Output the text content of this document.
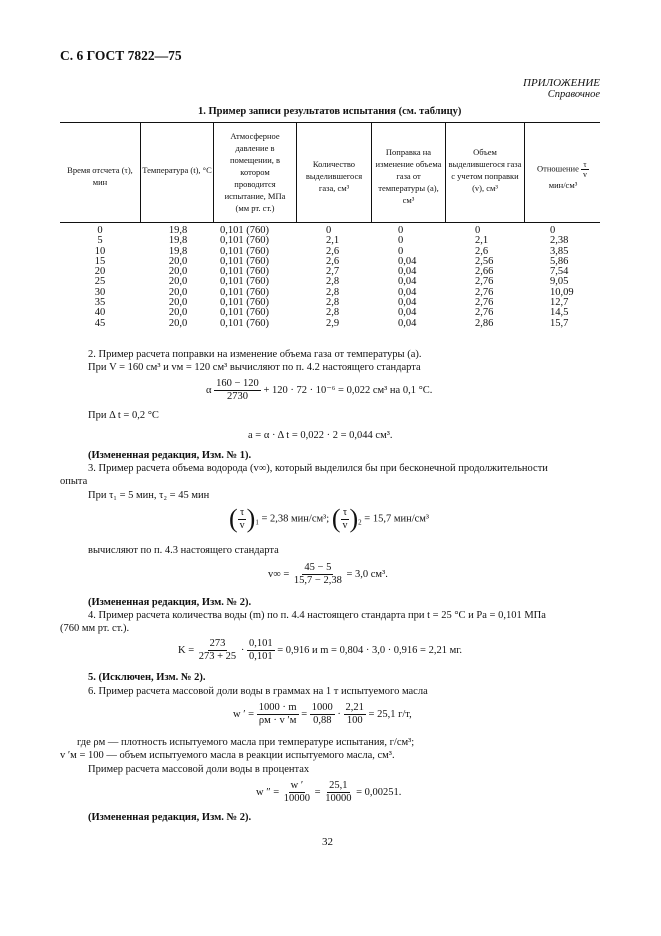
С. 6 ГОСТ 7822—75
ПРИЛОЖЕНИЕ
Справочное
1. Пример записи результатов испытания (см. таблицу)
Время отсчета (τ), мин
Температура (t), °C
Атмосферное давление в помещении, в котором проводится испытание, МПа (мм рт. ст.)
Количество выделившегося газа, см³
Поправка на изменение объема газа от температуры (a), см³
Объем выделившегося газа с учетом поправки (v), см³
Отношение $\frac{\tau}{v}$

мин/см³
0
5
10
15
20
25
30
35
40
45
19,8
19,8
19,8
20,0
20,0
20,0
20,0
20,0
20,0
20,0
0,101 (760)
0,101 (760)
0,101 (760)
0,101 (760)
0,101 (760)
0,101 (760)
0,101 (760)
0,101 (760)
0,101 (760)
0,101 (760)
0
2,1
2,6
2,6
2,7
2,8
2,8
2,8
2,8
2,9
0
0
0
0,04
0,04
0,04
0,04
0,04
0,04
0,04
0
2,1
2,6
2,56
2,66
2,76
2,76
2,76
2,76
2,86
0
2,38
3,85
5,86
7,54
9,05
10,09
12,7
14,5
15,7
2. Пример расчета поправки на изменение объема газа от температуры (a).
При V = 160 см³ и vм = 120 см³ вычисляют по п. 4.2 настоящего стандарта
α $\frac{160 - 120}{2730} + 120 \cdot 72 \cdot 10^{-6} = 0,022$ см³ на 0,1 °С.
При Δ t = 0,2 °С
a = α · Δ t = 0,022 · 2 = 0,044 см³.
(Измененная редакция, Изм. № 1).
3. Пример расчета объема водорода (v∞), который выделился бы при бесконечной продолжительности
опыта
При τ₁ = 5 мин, τ₂ = 45 мин
( $\frac{\tau}{v} )_1 = 2,38$ мин/см³; ( $\frac{\tau}{v} )_2 = 15,7$ мин/см³
вычисляют по п. 4.3 настоящего стандарта
$v\infty = \frac{45 - 5}{15,7 - 2,38} = 3,0$ см³.
(Измененная редакция, Изм. № 2).
4. Пример расчета количества воды (m) по п. 4.4 настоящего стандарта при t = 25 °С и Pа = 0,101 МПа
(760 мм рт. ст.).
$K = \frac{273}{273 + 25} \cdot \frac{0,101}{0,101} = 0,916$ и m = 0,804 · 3,0 · 0,916 = 2,21 мг.
5. (Исключен, Изм. № 2).
6. Пример расчета массовой доли воды в граммах на 1 т испытуемого масла
w ′ = $\frac{1000 \cdot m}{\rho м \cdot v 'м} = \frac{1000}{0,88} \cdot \frac{2,21}{100} = 25,1$ г/т,
где ρм — плотность испытуемого масла при температуре испытания, г/см³;
v ′м = 100 — объем испытуемого масла в реакции испытуемого масла, см³.
Пример расчета массовой доли воды в процентах
w ″ = $\frac{w '}{10000} = \frac{25,1}{10000} = 0,00251$.
(Измененная редакция, Изм. № 2).
32
